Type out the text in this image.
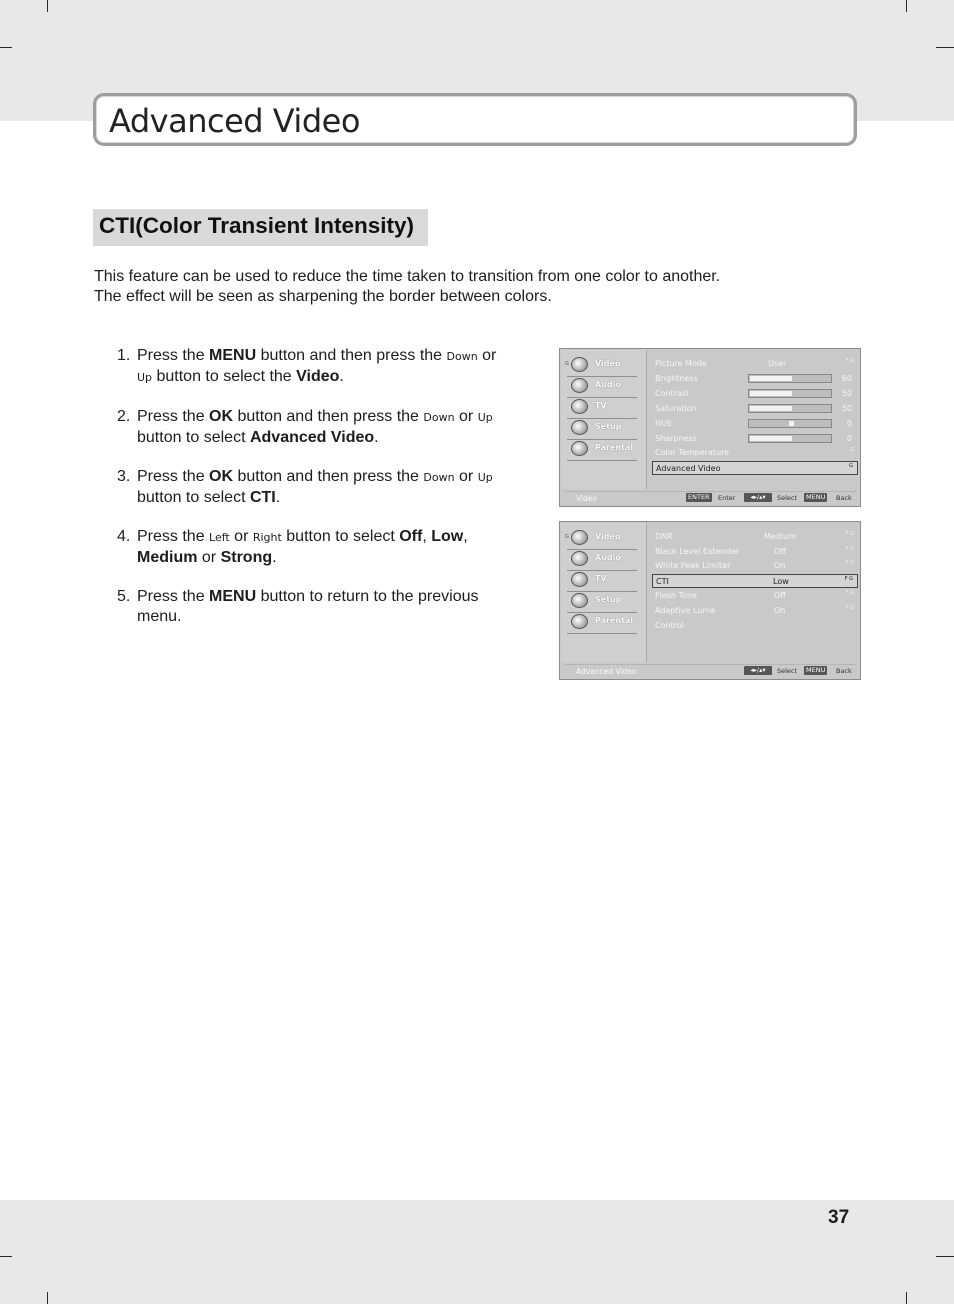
Advanced Video
CTI(Color Transient Intensity)

This feature can be used to reduce the time taken to transition from one color to another.

The effect will be seen as sharpening the border between colors.

1. Press the MENU button and then press the Down or
Up button to select the Video.
2. Press the OK button and then press the Down or Up
button to select Advanced Video.
3. Press the OK button and then press the Down or Up
button to select CTI.
4. Press the Left or Right button to select Off, Low,
Medium or Strong.
5. Press the MENU button to return to the previous menu.
G	Video
Audio
TV
Setup
Parental
Picture Mode	User	F G
Brightness	60
Contrast	50
Saturation	50
HUE	0
Sharpness	0
Color Temperature	G
Advanced Video	G
Video	ENTER	Enter	◂▸/▴▾	Select	MENU	Back
G	Video
Audio
TV
Setup
Parental
DNR	Medium	F G
Black Level Extender	Off	F G
White Peak Limiter	On	F G
CTI	Low	F G
Flesh Tone	Off	F G
Adaptive Luma	On	F G
Control
Advanced Video	◂▸/▴▾	Select	MENU	Back
37
